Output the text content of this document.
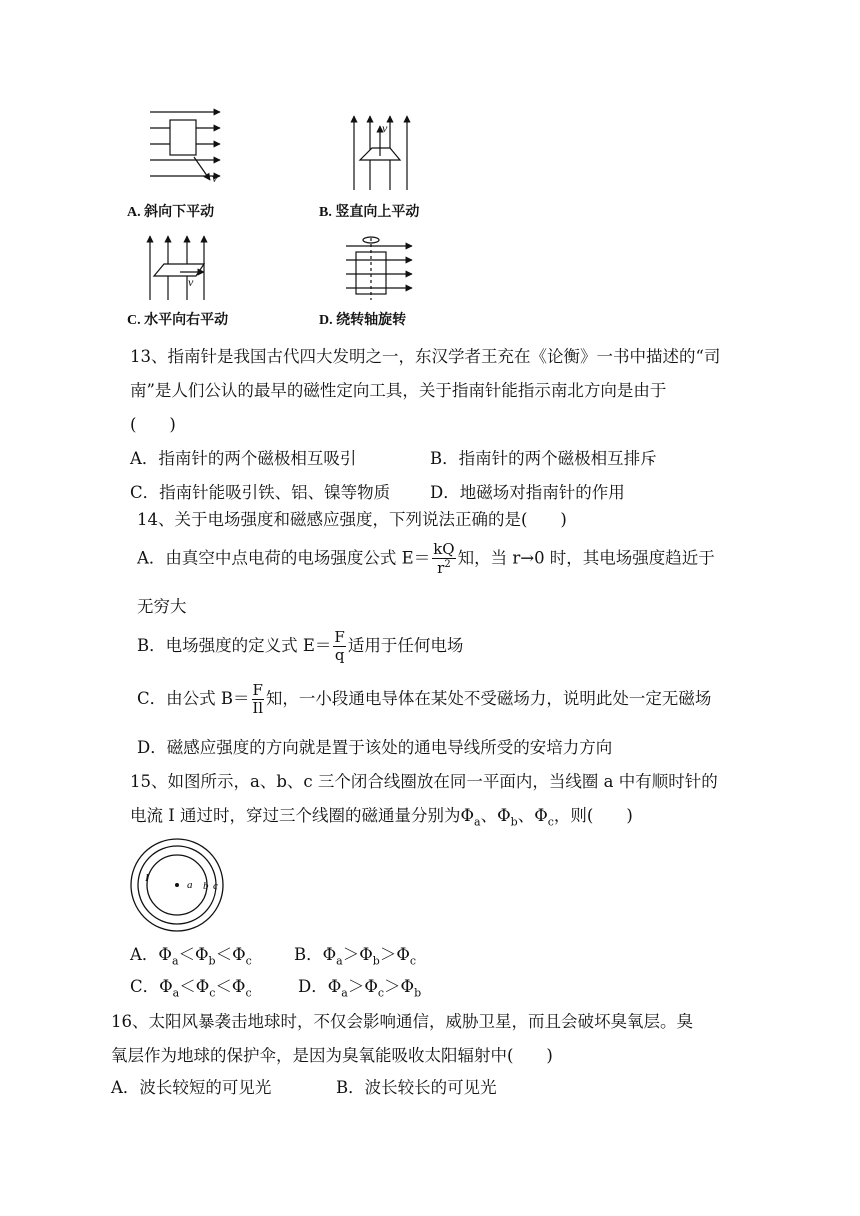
v
v
v
A. 斜向下平动	B. 竖直向上平动
C. 水平向右平动	D. 绕转轴旋转
13、指南针是我国古代四大发明之一，东汉学者王充在《论衡》一书中描述的“司
南”是人们公认的最早的磁性定向工具，关于指南针能指示南北方向是由于
(　　)
A．指南针的两个磁极相互吸引	B．指南针的两个磁极相互排斥
C．指南针能吸引铁、铝、镍等物质 D．地磁场对指南针的作用
14、关于电场强度和磁感应强度，下列说法正确的是(　　)
A．由真空中点电荷的电场强度公式 $E= \frac{kQ}{r^2}$ 知，当 r→0 时，其电场强度趋近于
无穷大
B．电场强度的定义式 $E= \frac{F}{q}$ 适用于任何电场
C．由公式 $B= \frac{F}{Il}$ 知，一小段通电导体在某处不受磁场力，说明此处一定无磁场
D．磁感应强度的方向就是置于该处的通电导线所受的安培力方向
15、如图所示，a、b、c 三个闭合线圈放在同一平面内，当线圈 a 中有顺时针的
电流 I 通过时，穿过三个线圈的磁通量分别为$\Phi_a$、$\Phi_b$、$\Phi_c$，则(　　)
I
a b c
A．$\Phi_a<\Phi_b<\Phi_c$	B．$\Phi_a>\Phi_b>\Phi_c$
C．$\Phi_a<\Phi_c<\Phi_c$	D．$\Phi_a>\Phi_c>\Phi_b$
16、太阳风暴袭击地球时，不仅会影响通信，威胁卫星，而且会破坏臭氧层。臭
氧层作为地球的保护伞，是因为臭氧能吸收太阳辐射中(　　)
A．波长较短的可见光	B．波长较长的可见光
